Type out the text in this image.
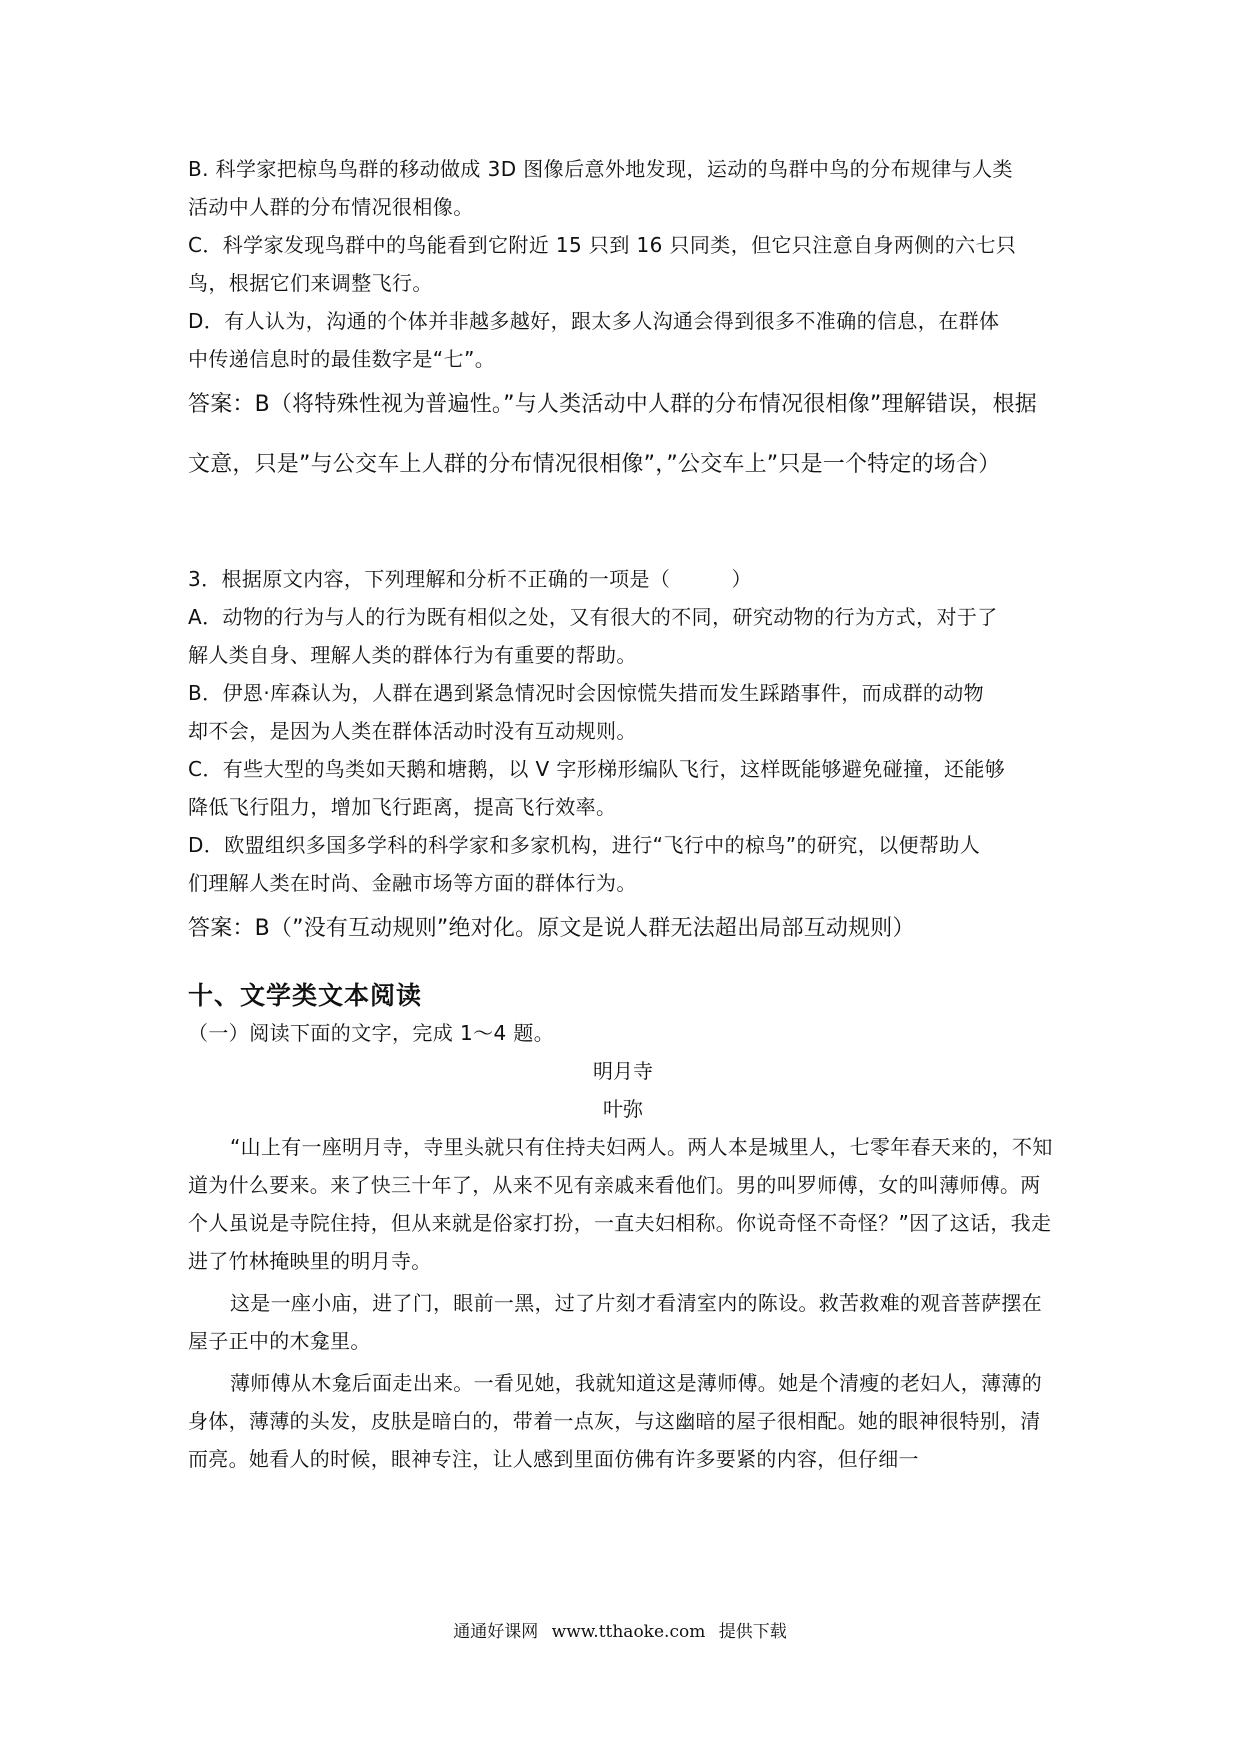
B. 科学家把椋鸟鸟群的移动做成 3D 图像后意外地发现，运动的鸟群中鸟的分布规律与人类
活动中人群的分布情况很相像。
C．科学家发现鸟群中的鸟能看到它附近 15 只到 16 只同类，但它只注意自身两侧的六七只
鸟，根据它们来调整飞行。
D．有人认为，沟通的个体并非越多越好，跟太多人沟通会得到很多不准确的信息，在群体
中传递信息时的最佳数字是“七”。
答案：B（将特殊性视为普遍性。”与人类活动中人群的分布情况很相像”理解错误，根据
文意，只是”与公交车上人群的分布情况很相像”，”公交车上”只是一个特定的场合）
3．根据原文内容，下列理解和分析不正确的一项是（　　　）
A．动物的行为与人的行为既有相似之处，又有很大的不同，研究动物的行为方式，对于了
解人类自身、理解人类的群体行为有重要的帮助。
B．伊恩·库森认为，人群在遇到紧急情况时会因惊慌失措而发生踩踏事件，而成群的动物
却不会，是因为人类在群体活动时没有互动规则。
C．有些大型的鸟类如天鹅和塘鹅，以 V 字形梯形编队飞行，这样既能够避免碰撞，还能够
降低飞行阻力，增加飞行距离，提高飞行效率。
D．欧盟组织多国多学科的科学家和多家机构，进行“飞行中的椋鸟”的研究，以便帮助人
们理解人类在时尚、金融市场等方面的群体行为。
答案：B（”没有互动规则”绝对化。原文是说人群无法超出局部互动规则）
十、文学类文本阅读
（一）阅读下面的文字，完成 1～4 题。
明月寺
叶弥
“山上有一座明月寺，寺里头就只有住持夫妇两人。两人本是城里人，七零年春天来的，不知道为什么要来。来了快三十年了，从来不见有亲戚来看他们。男的叫罗师傅，女的叫薄师傅。两个人虽说是寺院住持，但从来就是俗家打扮，一直夫妇相称。你说奇怪不奇怪？”因了这话，我走进了竹林掩映里的明月寺。
这是一座小庙，进了门，眼前一黑，过了片刻才看清室内的陈设。救苦救难的观音菩萨摆在屋子正中的木龛里。
薄师傅从木龛后面走出来。一看见她，我就知道这是薄师傅。她是个清瘦的老妇人，薄薄的身体，薄薄的头发，皮肤是暗白的，带着一点灰，与这幽暗的屋子很相配。她的眼神很特别，清而亮。她看人的时候，眼神专注，让人感到里面仿佛有许多要紧的内容，但仔细一
通通好课网 www.tthaoke.com 提供下载
